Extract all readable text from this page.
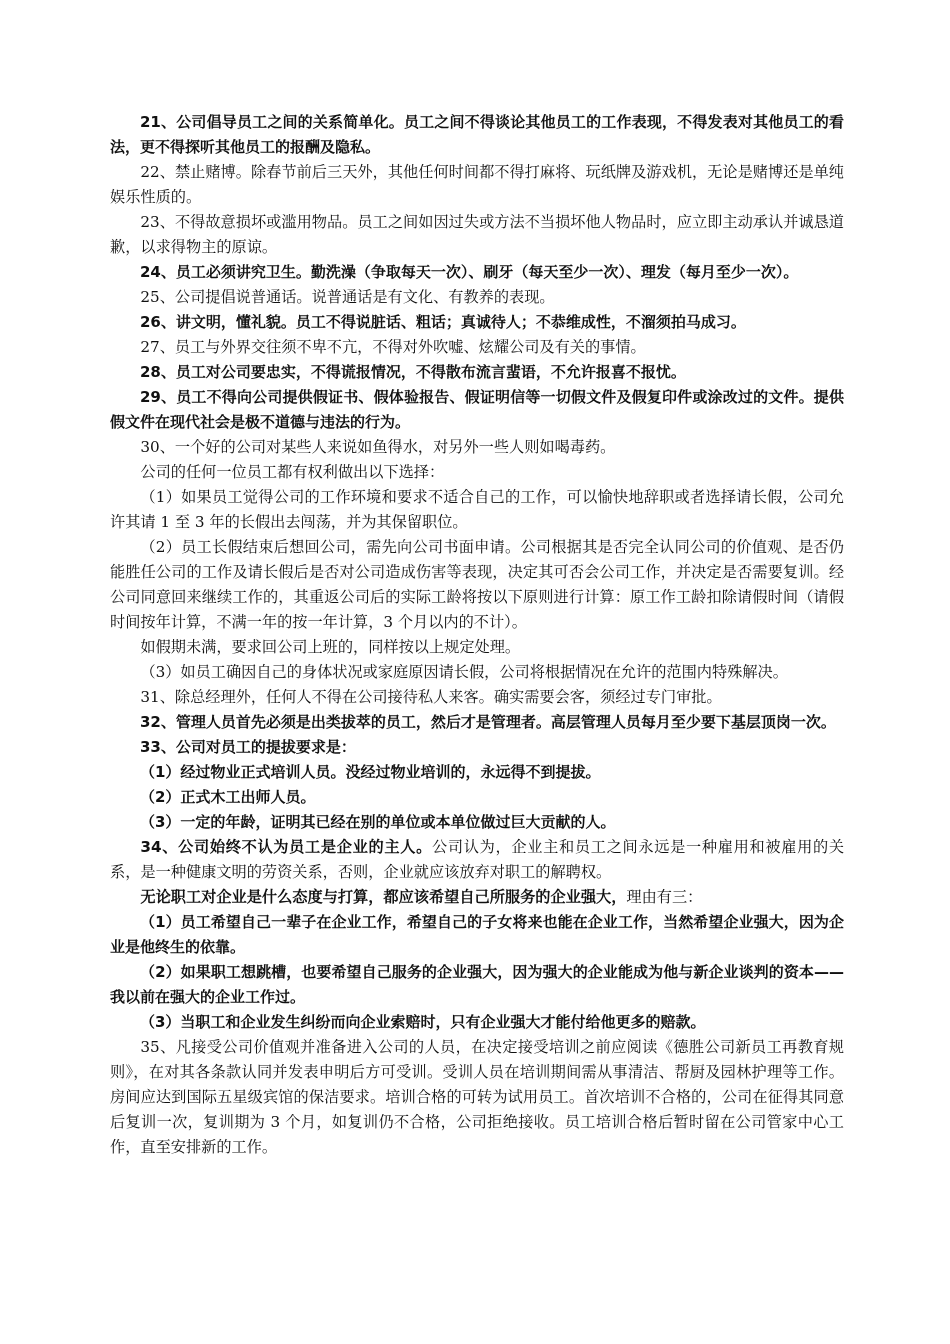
21、公司倡导员工之间的关系简单化。员工之间不得谈论其他员工的工作表现，不得发表对其他员工的看法，更不得探听其他员工的报酬及隐私。

22、禁止赌博。除春节前后三天外，其他任何时间都不得打麻将、玩纸牌及游戏机，无论是赌博还是单纯娱乐性质的。

23、不得故意损坏或滥用物品。员工之间如因过失或方法不当损坏他人物品时，应立即主动承认并诚恳道歉，以求得物主的原谅。

24、员工必须讲究卫生。勤洗澡（争取每天一次）、刷牙（每天至少一次）、理发（每月至少一次）。

25、公司提倡说普通话。说普通话是有文化、有教养的表现。

26、讲文明，懂礼貌。员工不得说脏话、粗话；真诚待人；不恭维成性，不溜须拍马成习。

27、员工与外界交往须不卑不亢，不得对外吹嘘、炫耀公司及有关的事情。

28、员工对公司要忠实，不得谎报情况，不得散布流言蜚语，不允许报喜不报忧。

29、员工不得向公司提供假证书、假体验报告、假证明信等一切假文件及假复印件或涂改过的文件。提供假文件在现代社会是极不道德与违法的行为。

30、一个好的公司对某些人来说如鱼得水，对另外一些人则如喝毒药。

公司的任何一位员工都有权利做出以下选择：

（1）如果员工觉得公司的工作环境和要求不适合自己的工作，可以愉快地辞职或者选择请长假，公司允许其请 1 至 3 年的长假出去闯荡，并为其保留职位。

（2）员工长假结束后想回公司，需先向公司书面申请。公司根据其是否完全认同公司的价值观、是否仍能胜任公司的工作及请长假后是否对公司造成伤害等表现，决定其可否会公司工作，并决定是否需要复训。经公司同意回来继续工作的，其重返公司后的实际工龄将按以下原则进行计算：原工作工龄扣除请假时间（请假时间按年计算，不满一年的按一年计算，3 个月以内的不计）。

如假期未满，要求回公司上班的，同样按以上规定处理。

（3）如员工确因自己的身体状况或家庭原因请长假，公司将根据情况在允许的范围内特殊解决。

31、除总经理外，任何人不得在公司接待私人来客。确实需要会客，须经过专门审批。

32、管理人员首先必须是出类拔萃的员工，然后才是管理者。高层管理人员每月至少要下基层顶岗一次。

33、公司对员工的提拔要求是：

（1）经过物业正式培训人员。没经过物业培训的，永远得不到提拔。

（2）正式木工出师人员。

（3）一定的年龄，证明其已经在别的单位或本单位做过巨大贡献的人。

34、公司始终不认为员工是企业的主人。公司认为，企业主和员工之间永远是一种雇用和被雇用的关系，是一种健康文明的劳资关系，否则，企业就应该放弃对职工的解聘权。

无论职工对企业是什么态度与打算，都应该希望自己所服务的企业强大，理由有三：

（1）员工希望自己一辈子在企业工作，希望自己的子女将来也能在企业工作，当然希望企业强大，因为企业是他终生的依靠。

（2）如果职工想跳槽，也要希望自己服务的企业强大，因为强大的企业能成为他与新企业谈判的资本——我以前在强大的企业工作过。

（3）当职工和企业发生纠纷而向企业索赔时，只有企业强大才能付给他更多的赔款。

35、凡接受公司价值观并准备进入公司的人员，在决定接受培训之前应阅读《德胜公司新员工再教育规则》，在对其各条款认同并发表申明后方可受训。受训人员在培训期间需从事清洁、帮厨及园林护理等工作。房间应达到国际五星级宾馆的保洁要求。培训合格的可转为试用员工。首次培训不合格的，公司在征得其同意后复训一次，复训期为 3 个月，如复训仍不合格，公司拒绝接收。员工培训合格后暂时留在公司管家中心工作，直至安排新的工作。
